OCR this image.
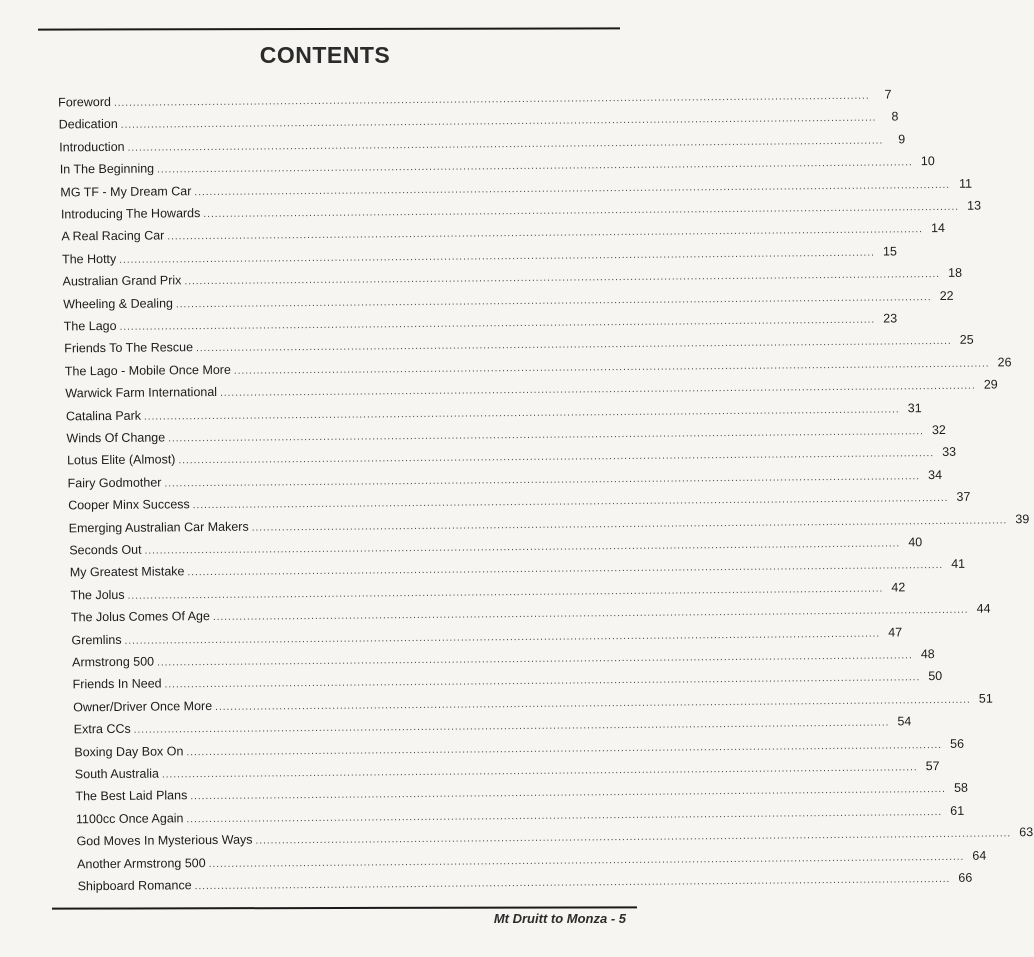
CONTENTS
Foreword ........................................................................................................................................................................................................	7
Dedication ........................................................................................................................................................................................................	8
Introduction ........................................................................................................................................................................................................	9
In The Beginning ........................................................................................................................................................................................................ 10
MG TF - My Dream Car ........................................................................................................................................................................................................ 11
Introducing The Howards ........................................................................................................................................................................................................ 13
A Real Racing Car ........................................................................................................................................................................................................ 14
The Hotty ........................................................................................................................................................................................................ 15
Australian Grand Prix ........................................................................................................................................................................................................ 18
Wheeling & Dealing ........................................................................................................................................................................................................ 22
The Lago ........................................................................................................................................................................................................ 23
Friends To The Rescue ........................................................................................................................................................................................................ 25
The Lago - Mobile Once More ........................................................................................................................................................................................................ 26
Warwick Farm International ........................................................................................................................................................................................................ 29
Catalina Park ........................................................................................................................................................................................................ 31
Winds Of Change ........................................................................................................................................................................................................ 32
Lotus Elite (Almost) ........................................................................................................................................................................................................ 33
Fairy Godmother ........................................................................................................................................................................................................ 34
Cooper Minx Success ........................................................................................................................................................................................................ 37
Emerging Australian Car Makers ........................................................................................................................................................................................................ 39
Seconds Out ........................................................................................................................................................................................................ 40
My Greatest Mistake ........................................................................................................................................................................................................ 41
The Jolus ........................................................................................................................................................................................................ 42
The Jolus Comes Of Age ........................................................................................................................................................................................................ 44
Gremlins ........................................................................................................................................................................................................ 47
Armstrong 500 ........................................................................................................................................................................................................ 48
Friends In Need ........................................................................................................................................................................................................ 50
Owner/Driver Once More ........................................................................................................................................................................................................ 51
Extra CCs ........................................................................................................................................................................................................ 54
Boxing Day Box On ........................................................................................................................................................................................................ 56
South Australia ........................................................................................................................................................................................................ 57
The Best Laid Plans ........................................................................................................................................................................................................ 58
1100cc Once Again ........................................................................................................................................................................................................ 61
God Moves In Mysterious Ways ........................................................................................................................................................................................................ 63
Another Armstrong 500 ........................................................................................................................................................................................................ 64
Shipboard Romance ........................................................................................................................................................................................................ 66
Mt Druitt to Monza - 5
